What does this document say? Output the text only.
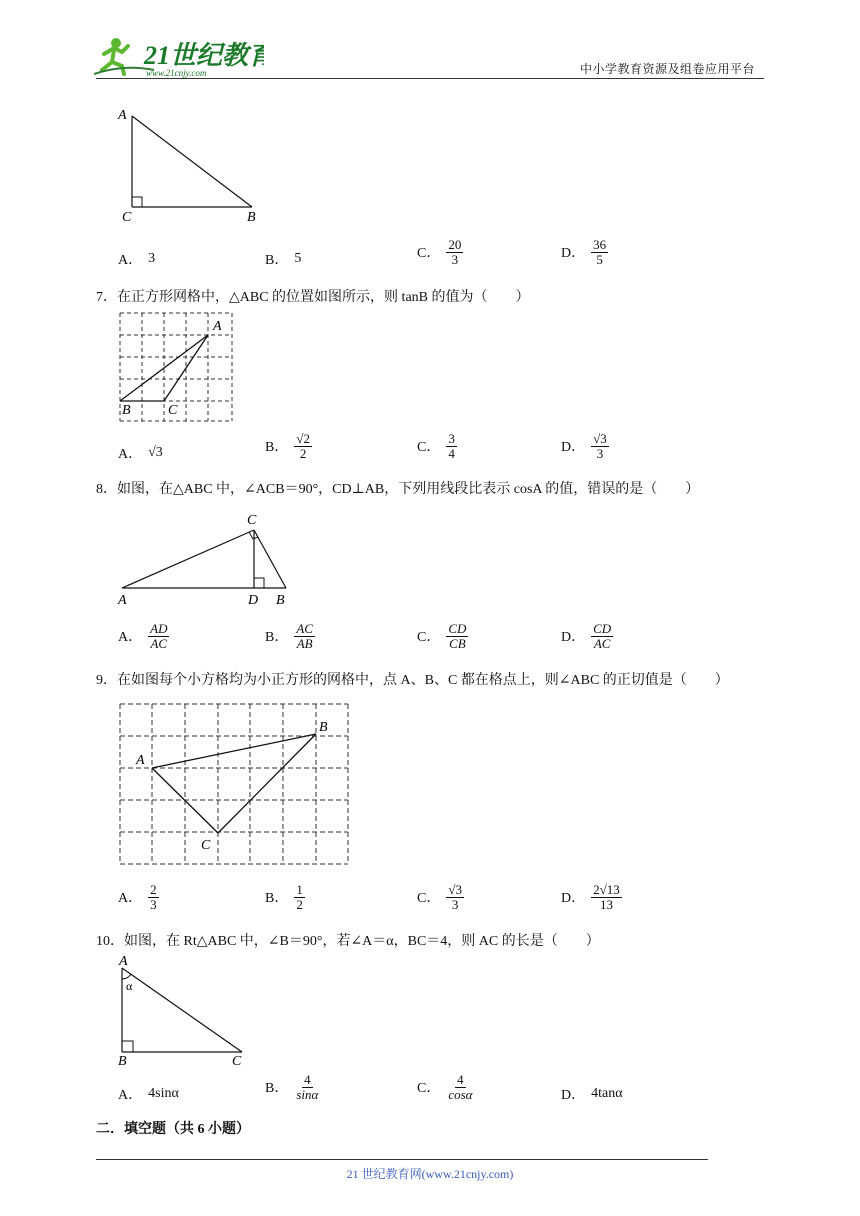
21世纪教育
www.21cnjy.com	中小学教育资源及组卷应用平台
A
C	B
A． 3	B． 5	C． $\frac{20}{3}$	D． $\frac{36}{5}$
7．在正方形网格中，△ABC 的位置如图所示，则 tanB 的值为（　　）
A
B	C
A． √3	B． $\frac{√2}{2}$	C． $\frac{3}{4}$	D． $\frac{√3}{3}$
8．如图，在△ABC 中，∠ACB＝90°，CD⊥AB，下列用线段比表示 cosA 的值，错误的是（　　）
C
A	D B
A． $\frac{AD}{AC}$	B． $\frac{AC}{AB}$	C． $\frac{CD}{CB}$	D． $\frac{CD}{AC}$
9．在如图每个小方格均为小正方形的网格中，点 A、B、C 都在格点上，则∠ABC 的正切值是（　　）
A
B
C
A． $\frac{2}{3}$	B． $\frac{1}{2}$	C． $\frac{√3}{3}$	D． $\frac{2√13}{13}$
10．如图，在 Rt△ABC 中，∠B＝90°，若∠A＝α，BC＝4，则 AC 的长是（　　）
A
α
B	C
A． 4sinα	B． $\frac{4}{\sin\alpha}$	C． $\frac{4}{\cos\alpha}$	D． 4tanα
二．填空题（共 6 小题）
21 世纪教育网(www.21cnjy.com)
